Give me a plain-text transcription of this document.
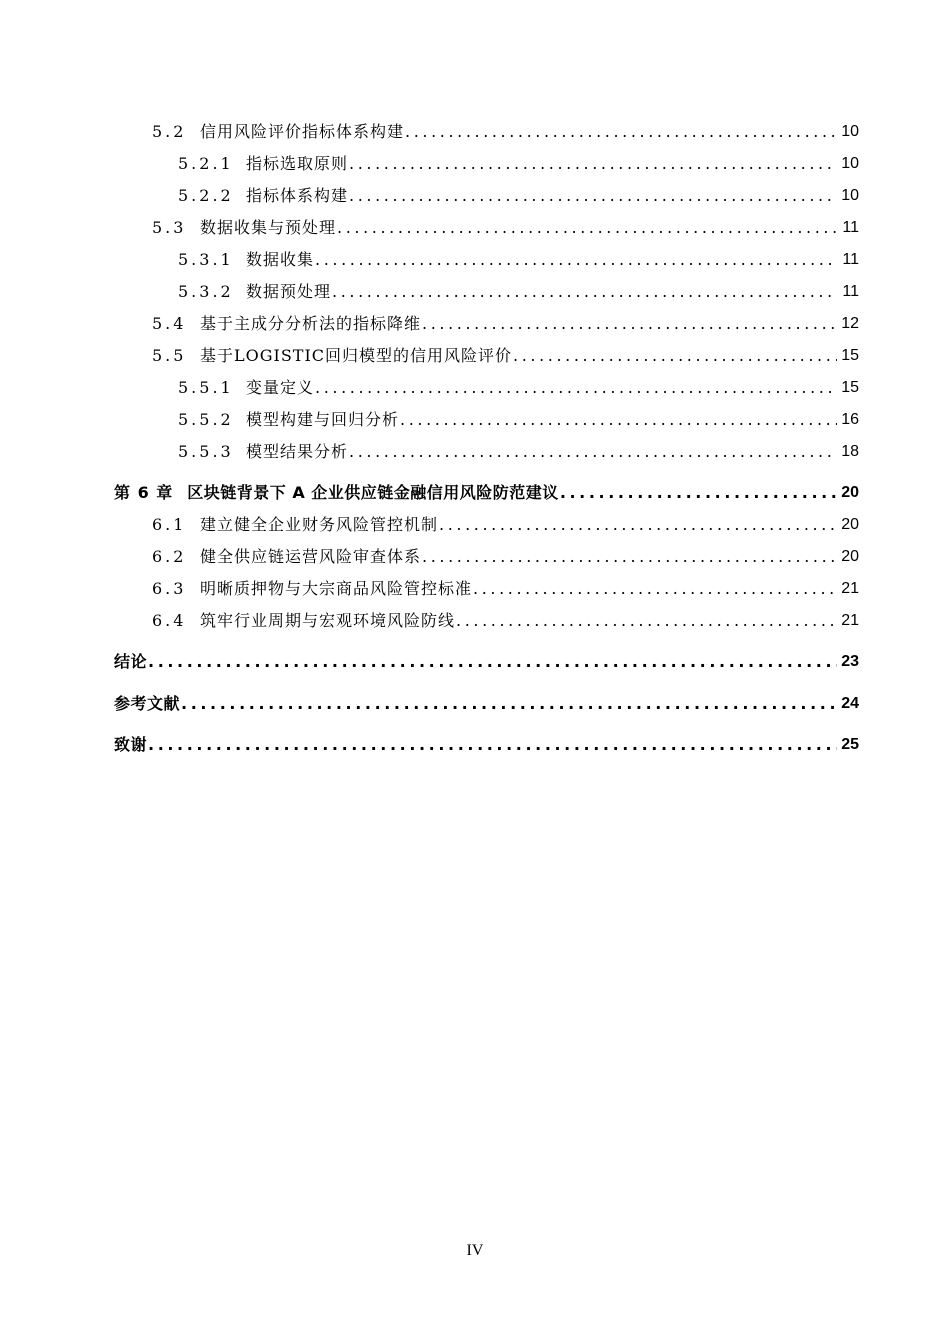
5.2 信用风险评价指标体系构建 .....	10
5.2.1 指标选取原则 .....	10
5.2.2 指标体系构建 .....	10
5.3 数据收集与预处理 .....	11
5.3.1 数据收集 .....	11
5.3.2 数据预处理 .....	11
5.4 基于主成分分析法的指标降维 .....	12
5.5 基于LOGISTIC回归模型的信用风险评价 .....	15
5.5.1 变量定义 .....	15
5.5.2 模型构建与回归分析 .....	16
5.5.3 模型结果分析 .....	18
第 6 章 区块链背景下 A 企业供应链金融信用风险防范建议 .....	20
6.1 建立健全企业财务风险管控机制 .....	20
6.2 健全供应链运营风险审查体系 .....	20
6.3 明晰质押物与大宗商品风险管控标准 .....	21
6.4 筑牢行业周期与宏观环境风险防线 .....	21
结论 .....	23
参考文献 .....	24
致谢 .....	25
IV
